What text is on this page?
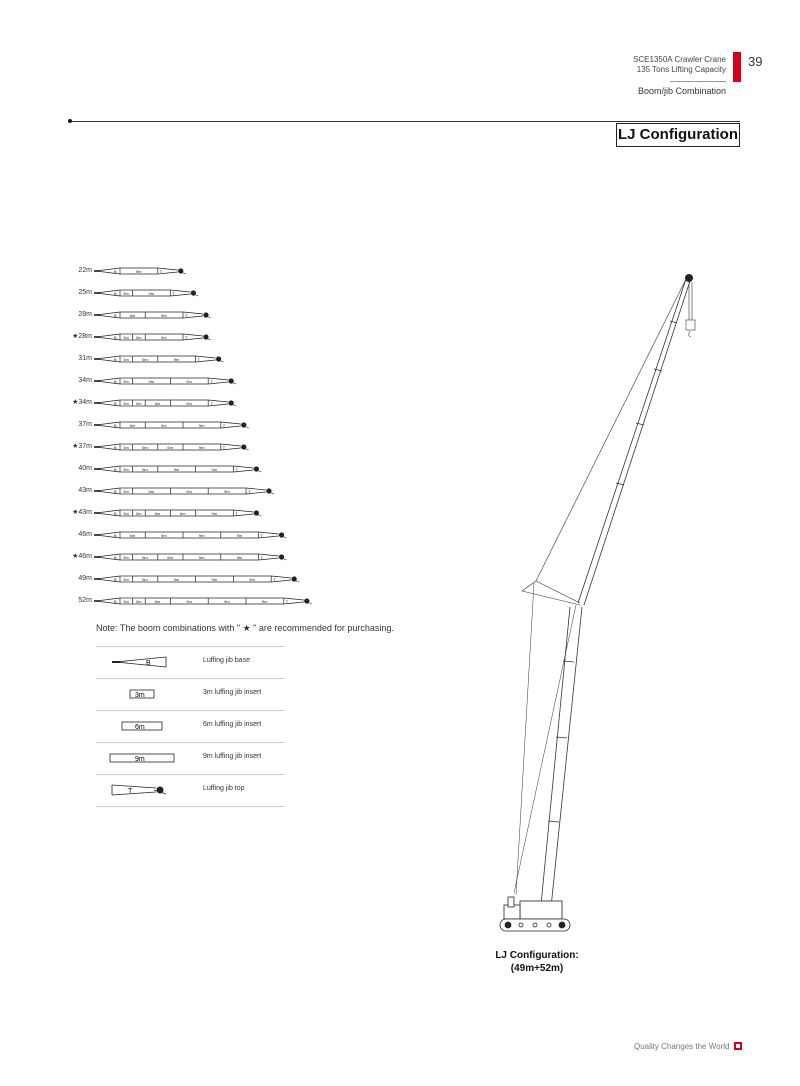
SCE1350A Crawler Crane
135 Tons Lifting Capacity
Boom/jib Combination
39
LJ Configuration
22m	B	9m	T
25m	B 3m	9m	T
28m	B	6m	9m	T
★28m	B 3m 3m	9m	T
31m	B 3m	6m	9m	T
34m	B 3m	9m	9m	T
★34m	B 3m 3m	6m	9m	T
37m	B	6m	9m	9m	T
★37m	B 3m	6m	6m	9m	T
40m	B 3m	6m	9m	9m	T
43m	B 3m	9m	9m	9m	T
★43m	B 3m 3m	6m	6m	9m	T
46m	B	6m	9m	9m	9m	T
★46m	B 3m	6m	6m	9m	9m	T
49m	B 3m	6m	9m	9m	9m	T
52m	B 3m 3m	6m	9m	9m	9m	T
Note: The boom combinations with " ★ " are recommended for purchasing.
B	Luffing jib base
3m	3m luffing jib insert
6m	6m luffing jib insert
9m	9m luffing jib insert
T	Luffing jib top
LJ Configuration:
(49m+52m)
Quality Changes the World
